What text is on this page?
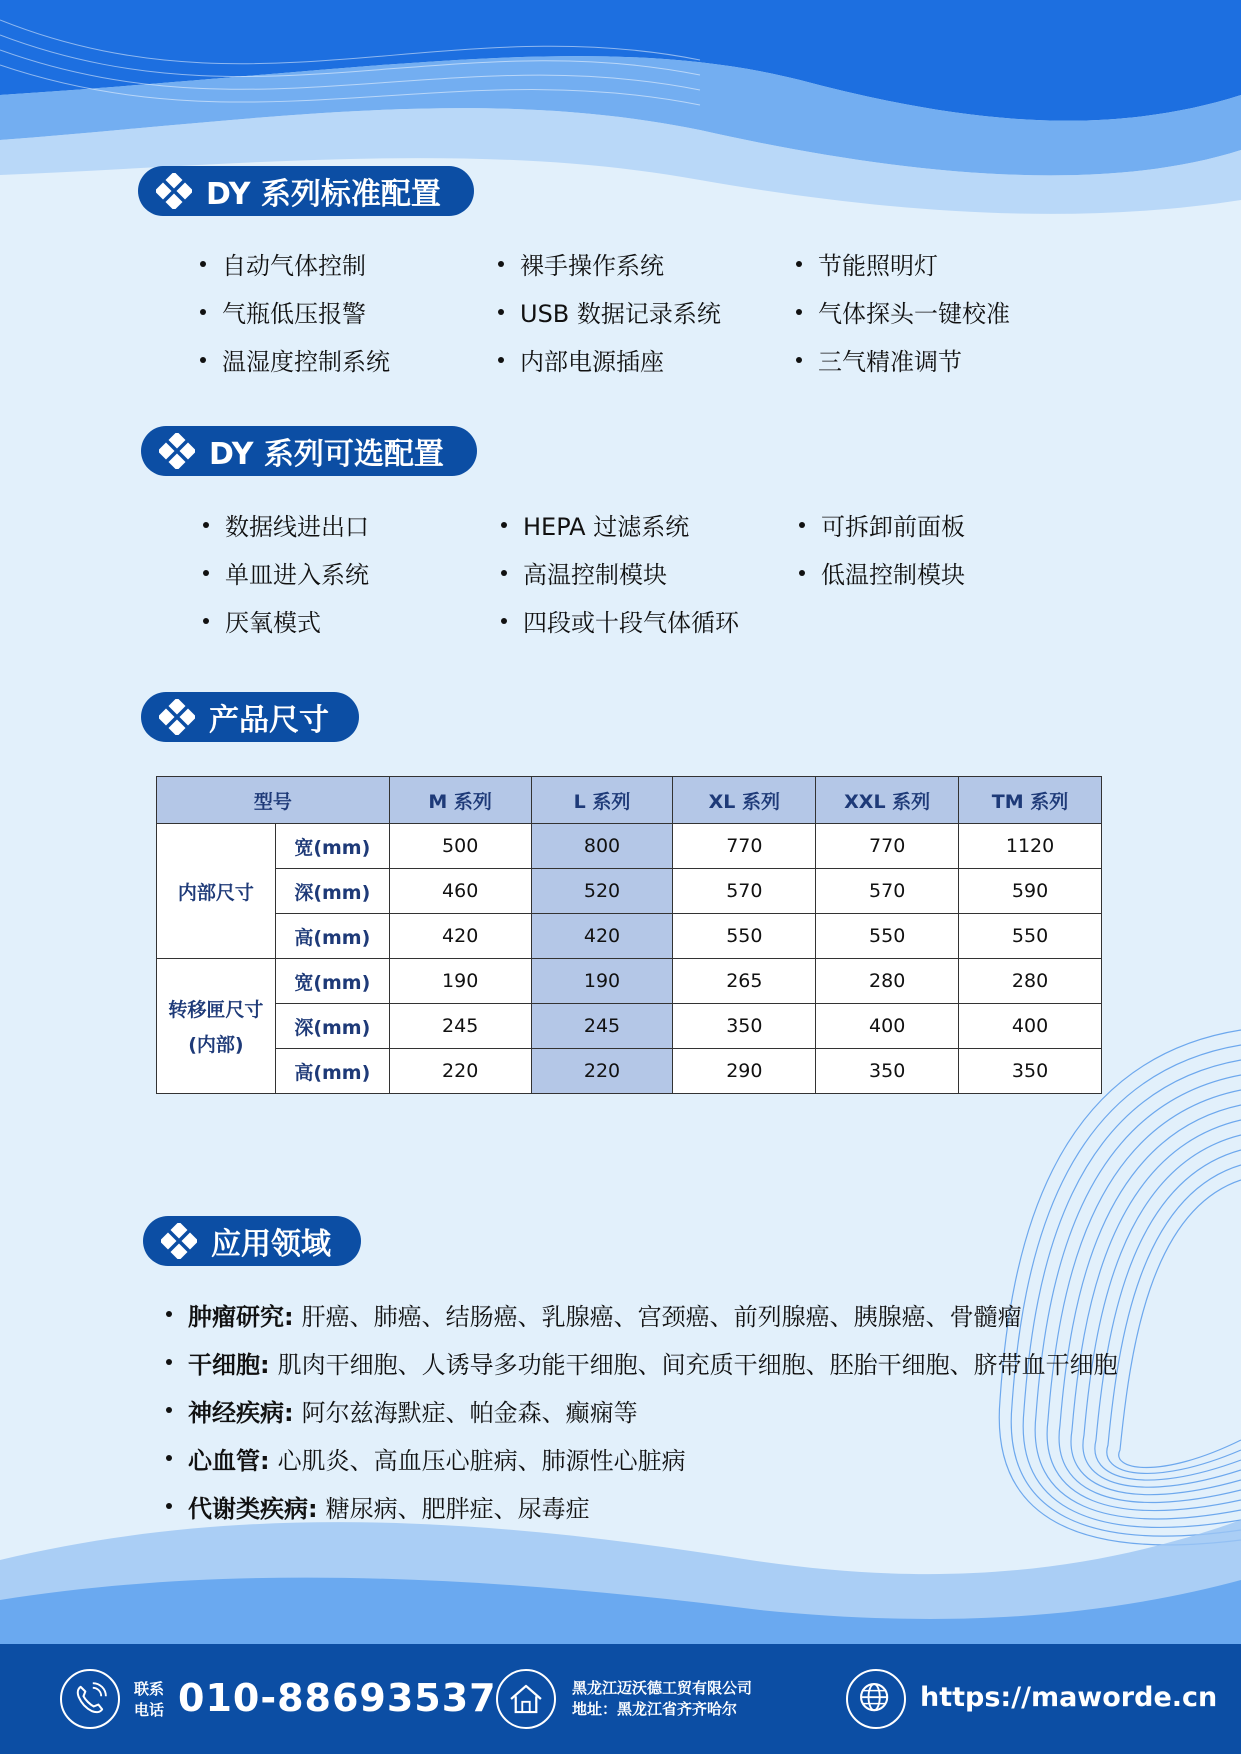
DY 系列标准配置
自动气体控制	裸手操作系统	节能照明灯
气瓶低压报警	USB 数据记录系统	气体探头一键校准
温湿度控制系统	内部电源插座	三气精准调节
DY 系列可选配置
数据线进出口	HEPA 过滤系统	可拆卸前面板
单皿进入系统	高温控制模块	低温控制模块
厌氧模式	四段或十段气体循环
产品尺寸
型号		M 系列	L 系列	XL 系列	XXL 系列	TM 系列
内部尺寸	宽(mm)	500	800	770	770	1120
	深(mm)	460	520	570	570	590
	高(mm)	420	420	550	550	550

转移匣尺寸
(内部)	宽(mm)	190	190	265	280	280
	深(mm)	245	245	350	400	400
	高(mm)	220	220	290	350	350
应用领域
肿瘤研究: 肝癌、肺癌、结肠癌、乳腺癌、宫颈癌、前列腺癌、胰腺癌、骨髓瘤
干细胞: 肌肉干细胞、人诱导多功能干细胞、间充质干细胞、胚胎干细胞、脐带血干细胞
神经疾病: 阿尔兹海默症、帕金森、癫痫等
心血管: 心肌炎、高血压心脏病、肺源性心脏病
代谢类疾病: 糖尿病、肥胖症、尿毒症
联系
电话 010-88693537	黑龙江迈沃德工贸有限公司
地址：黑龙江省齐齐哈尔	https://maworde.cn
